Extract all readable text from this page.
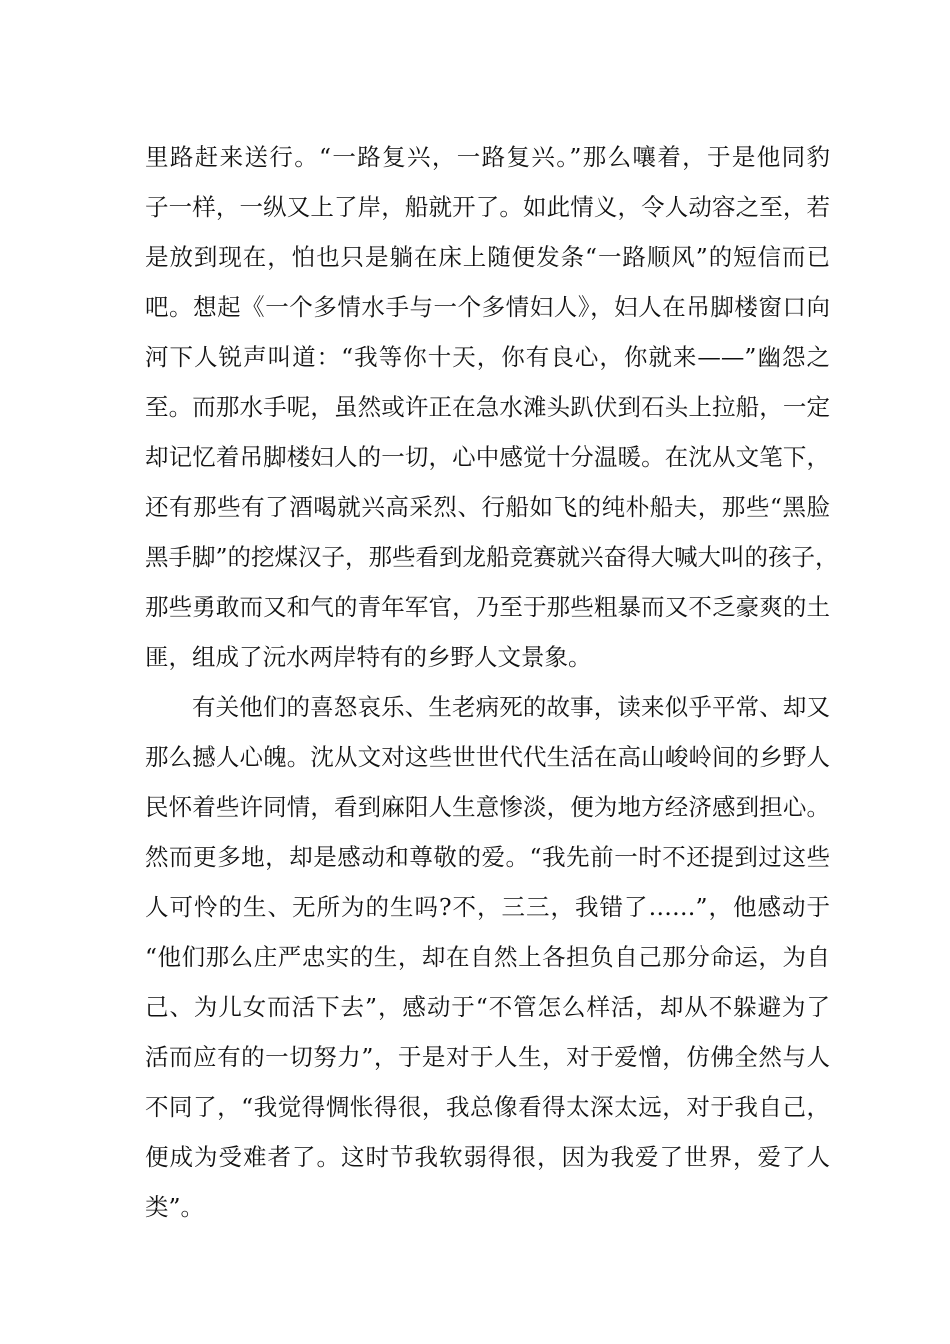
里路赶来送行。“一路复兴，一路复兴。”那么嚷着，于是他同豹
子一样，一纵又上了岸，船就开了。如此情义，令人动容之至，若
是放到现在，怕也只是躺在床上随便发条“一路顺风”的短信而已
吧。想起《一个多情水手与一个多情妇人》，妇人在吊脚楼窗口向
河下人锐声叫道：“我等你十天，你有良心，你就来——”幽怨之
至。而那水手呢，虽然或许正在急水滩头趴伏到石头上拉船，一定
却记忆着吊脚楼妇人的一切，心中感觉十分温暖。在沈从文笔下，
还有那些有了酒喝就兴高采烈、行船如飞的纯朴船夫，那些“黑脸
黑手脚”的挖煤汉子，那些看到龙船竞赛就兴奋得大喊大叫的孩子，
那些勇敢而又和气的青年军官，乃至于那些粗暴而又不乏豪爽的土
匪，组成了沅水两岸特有的乡野人文景象。
有关他们的喜怒哀乐、生老病死的故事，读来似乎平常、却又
那么撼人心魄。沈从文对这些世世代代生活在高山峻岭间的乡野人
民怀着些许同情，看到麻阳人生意惨淡，便为地方经济感到担心。
然而更多地，却是感动和尊敬的爱。“我先前一时不还提到过这些
人可怜的生、无所为的生吗?不，三三，我错了……”，他感动于
“他们那么庄严忠实的生，却在自然上各担负自己那分命运，为自
己、为儿女而活下去”，感动于“不管怎么样活，却从不躲避为了
活而应有的一切努力”，于是对于人生，对于爱憎，仿佛全然与人
不同了，“我觉得惆怅得很，我总像看得太深太远，对于我自己，
便成为受难者了。这时节我软弱得很，因为我爱了世界，爱了人
类”。
